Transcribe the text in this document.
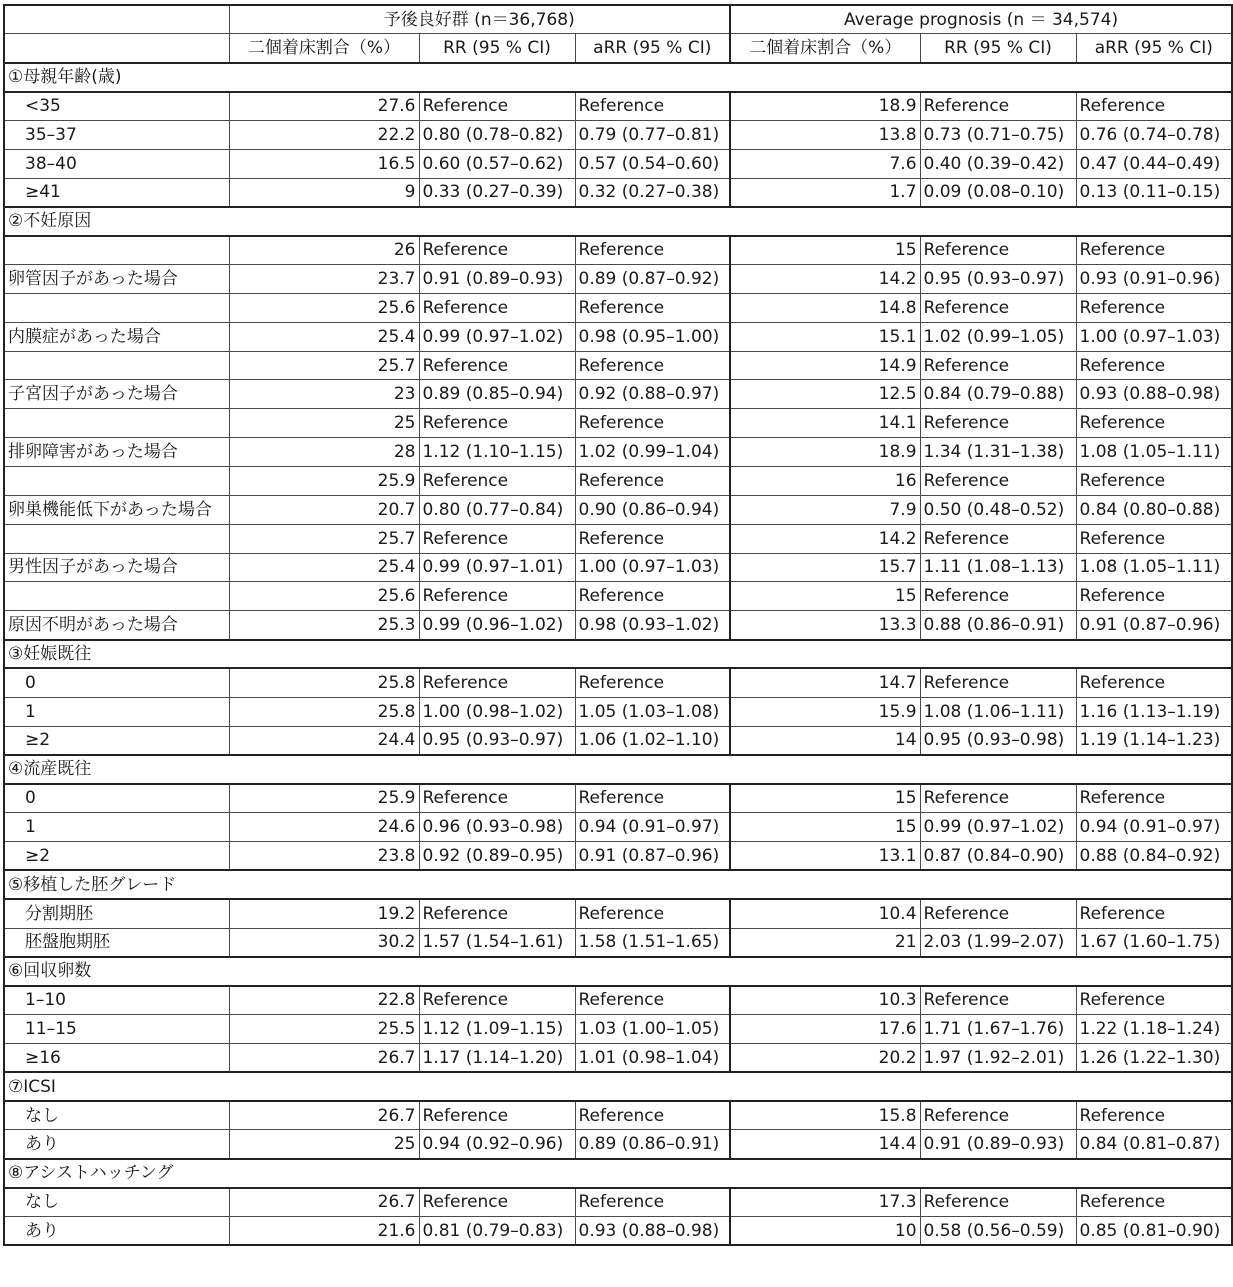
	予後良好群 (n＝36,768)			Average prognosis (n ＝ 34,574)		
	二個着床割合（%）	RR (95 % CI)	aRR (95 % CI)	二個着床割合（%）	RR (95 % CI)	aRR (95 % CI)
①母親年齢(歳)						
<35	27.6	Reference	Reference	18.9	Reference	Reference
35–37	22.2	0.80 (0.78–0.82)	0.79 (0.77–0.81)	13.8	0.73 (0.71–0.75)	0.76 (0.74–0.78)
38–40	16.5	0.60 (0.57–0.62)	0.57 (0.54–0.60)	7.6	0.40 (0.39–0.42)	0.47 (0.44–0.49)
≥41	9	0.33 (0.27–0.39)	0.32 (0.27–0.38)	1.7	0.09 (0.08–0.10)	0.13 (0.11–0.15)
②不妊原因						
	26	Reference	Reference	15	Reference	Reference
卵管因子があった場合	23.7	0.91 (0.89–0.93)	0.89 (0.87–0.92)	14.2	0.95 (0.93–0.97)	0.93 (0.91–0.96)
	25.6	Reference	Reference	14.8	Reference	Reference
内膜症があった場合	25.4	0.99 (0.97–1.02)	0.98 (0.95–1.00)	15.1	1.02 (0.99–1.05)	1.00 (0.97–1.03)
	25.7	Reference	Reference	14.9	Reference	Reference
子宮因子があった場合	23	0.89 (0.85–0.94)	0.92 (0.88–0.97)	12.5	0.84 (0.79–0.88)	0.93 (0.88–0.98)
	25	Reference	Reference	14.1	Reference	Reference
排卵障害があった場合	28	1.12 (1.10–1.15)	1.02 (0.99–1.04)	18.9	1.34 (1.31–1.38)	1.08 (1.05–1.11)
	25.9	Reference	Reference	16	Reference	Reference
卵巣機能低下があった場合	20.7	0.80 (0.77–0.84)	0.90 (0.86–0.94)	7.9	0.50 (0.48–0.52)	0.84 (0.80–0.88)
	25.7	Reference	Reference	14.2	Reference	Reference
男性因子があった場合	25.4	0.99 (0.97–1.01)	1.00 (0.97–1.03)	15.7	1.11 (1.08–1.13)	1.08 (1.05–1.11)
	25.6	Reference	Reference	15	Reference	Reference
原因不明があった場合	25.3	0.99 (0.96–1.02)	0.98 (0.93–1.02)	13.3	0.88 (0.86–0.91)	0.91 (0.87–0.96)
③妊娠既往						
0	25.8	Reference	Reference	14.7	Reference	Reference
1	25.8	1.00 (0.98–1.02)	1.05 (1.03–1.08)	15.9	1.08 (1.06–1.11)	1.16 (1.13–1.19)
≥2	24.4	0.95 (0.93–0.97)	1.06 (1.02–1.10)	14	0.95 (0.93–0.98)	1.19 (1.14–1.23)
④流産既往						
0	25.9	Reference	Reference	15	Reference	Reference
1	24.6	0.96 (0.93–0.98)	0.94 (0.91–0.97)	15	0.99 (0.97–1.02)	0.94 (0.91–0.97)
≥2	23.8	0.92 (0.89–0.95)	0.91 (0.87–0.96)	13.1	0.87 (0.84–0.90)	0.88 (0.84–0.92)
⑤移植した胚グレード						
分割期胚	19.2	Reference	Reference	10.4	Reference	Reference
胚盤胞期胚	30.2	1.57 (1.54–1.61)	1.58 (1.51–1.65)	21	2.03 (1.99–2.07)	1.67 (1.60–1.75)
⑥回収卵数						
1–10	22.8	Reference	Reference	10.3	Reference	Reference
11–15	25.5	1.12 (1.09–1.15)	1.03 (1.00–1.05)	17.6	1.71 (1.67–1.76)	1.22 (1.18–1.24)
≥16	26.7	1.17 (1.14–1.20)	1.01 (0.98–1.04)	20.2	1.97 (1.92–2.01)	1.26 (1.22–1.30)
⑦ICSI						
なし	26.7	Reference	Reference	15.8	Reference	Reference
あり	25	0.94 (0.92–0.96)	0.89 (0.86–0.91)	14.4	0.91 (0.89–0.93)	0.84 (0.81–0.87)
⑧アシストハッチング						
なし	26.7	Reference	Reference	17.3	Reference	Reference
あり	21.6	0.81 (0.79–0.83)	0.93 (0.88–0.98)	10	0.58 (0.56–0.59)	0.85 (0.81–0.90)
